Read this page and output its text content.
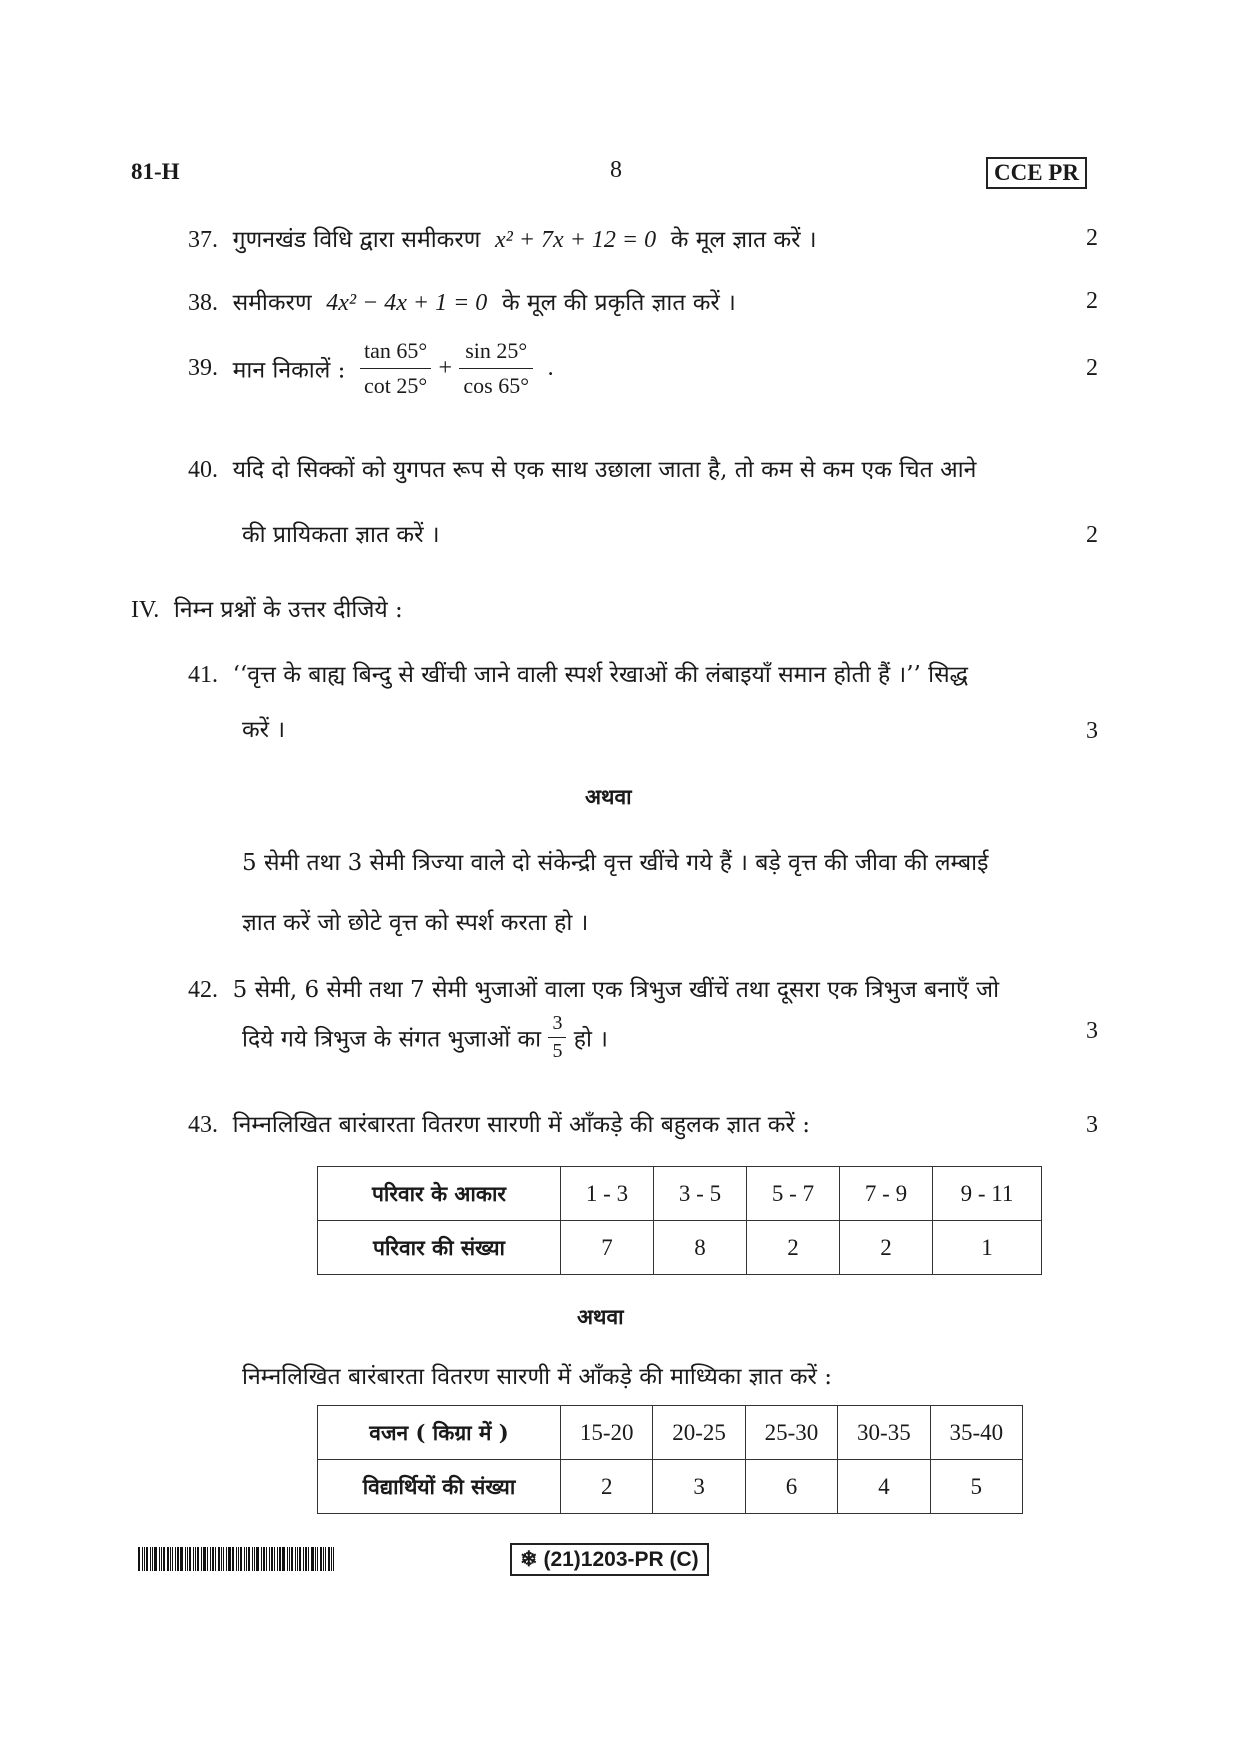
81-H	8	CCE PR
37. गुणनखंड विधि द्वारा समीकरण x² + 7x + 12 = 0 के मूल ज्ञात करें ।	2
38. समीकरण 4x² − 4x + 1 = 0 के मूल की प्रकृति ज्ञात करें ।	2
39. मान निकालें : $\frac{\tan 65^\circ}{\cot 25^\circ} + \frac{\sin 25^\circ}{\cos 65^\circ}$ .	2
40. यदि दो सिक्कों को युगपत रूप से एक साथ उछाला जाता है, तो कम से कम एक चित आने
की प्रायिकता ज्ञात करें ।	2
IV. निम्न प्रश्नों के उत्तर दीजिये :
41. ‘‘वृत्त के बाह्य बिन्दु से खींची जाने वाली स्पर्श रेखाओं की लंबाइयाँ समान होती हैं ।’’ सिद्ध
करें ।	3
अथवा
5 सेमी तथा 3 सेमी त्रिज्या वाले दो संकेन्द्री वृत्त खींचे गये हैं । बड़े वृत्त की जीवा की लम्बाई
ज्ञात करें जो छोटे वृत्त को स्पर्श करता हो ।
42. 5 सेमी, 6 सेमी तथा 7 सेमी भुजाओं वाला एक त्रिभुज खींचें तथा दूसरा एक त्रिभुज बनाएँ जो
दिये गये त्रिभुज के संगत भुजाओं का $\frac{3}{5}$ हो ।	3
43. निम्नलिखित बारंबारता वितरण सारणी में आँकड़े की बहुलक ज्ञात करें :	3
परिवार के आकार	1 - 3	3 - 5	5 - 7	7 - 9	9 - 11
परिवार की संख्या	7	8	2	2	1
अथवा
निम्नलिखित बारंबारता वितरण सारणी में आँकड़े की माध्यिका ज्ञात करें :
वजन ( किग्रा में )	15-20	20-25	25-30	30-35	35-40
विद्यार्थियों की संख्या	2	3	6	4	5
❄ (21)1203-PR (C)
